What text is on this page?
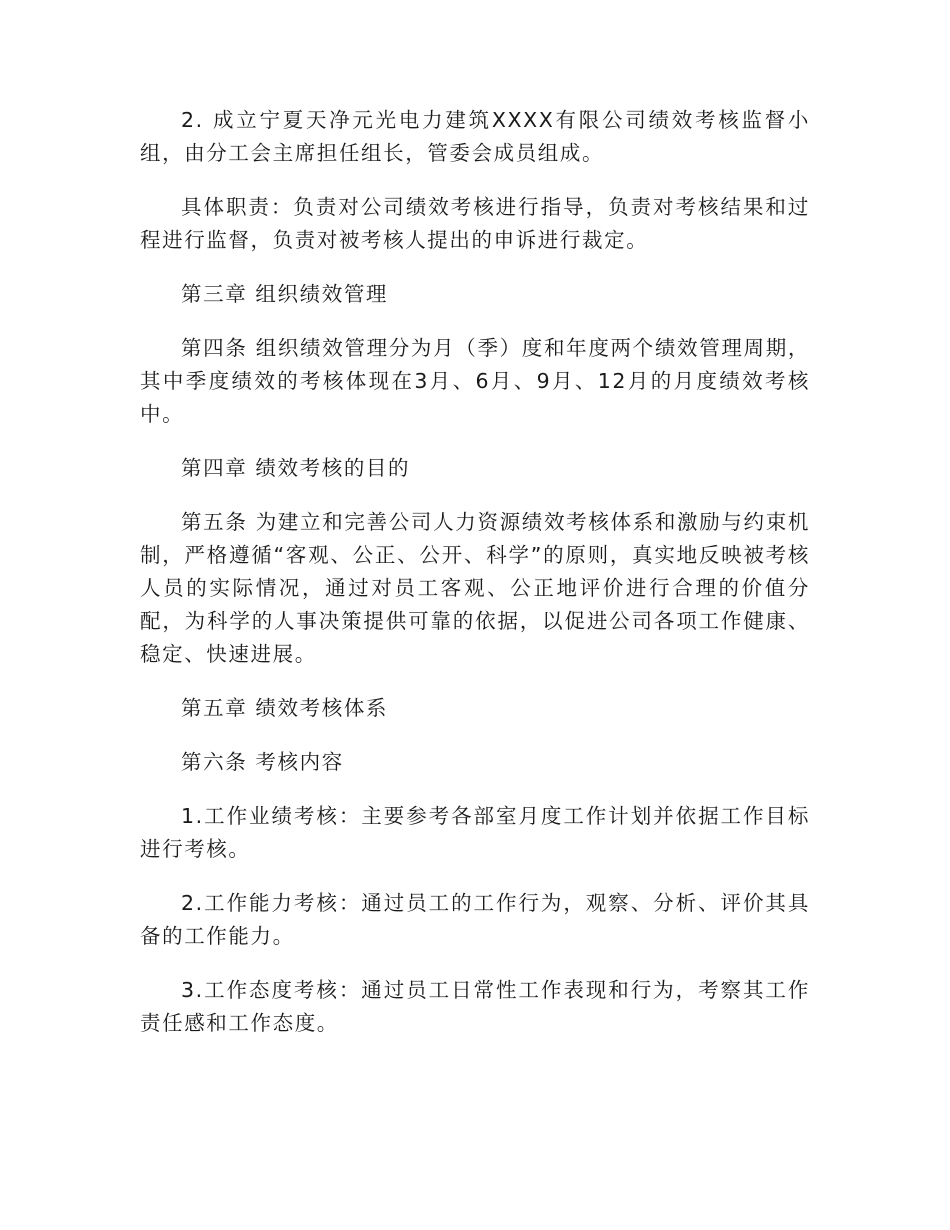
2. 成立宁夏天净元光电力建筑XXXX有限公司绩效考核监督小组，由分工会主席担任组长，管委会成员组成。

具体职责：负责对公司绩效考核进行指导，负责对考核结果和过程进行监督，负责对被考核人提出的申诉进行裁定。

第三章 组织绩效管理

第四条 组织绩效管理分为月（季）度和年度两个绩效管理周期，其中季度绩效的考核体现在3月、6月、9月、12月的月度绩效考核中。

第四章 绩效考核的目的

第五条 为建立和完善公司人力资源绩效考核体系和激励与约束机制，严格遵循“客观、公正、公开、科学”的原则，真实地反映被考核人员的实际情况，通过对员工客观、公正地评价进行合理的价值分配，为科学的人事决策提供可靠的依据，以促进公司各项工作健康、稳定、快速进展。

第五章 绩效考核体系

第六条 考核内容

1.工作业绩考核：主要参考各部室月度工作计划并依据工作目标进行考核。

2.工作能力考核：通过员工的工作行为，观察、分析、评价其具备的工作能力。

3.工作态度考核：通过员工日常性工作表现和行为，考察其工作责任感和工作态度。
